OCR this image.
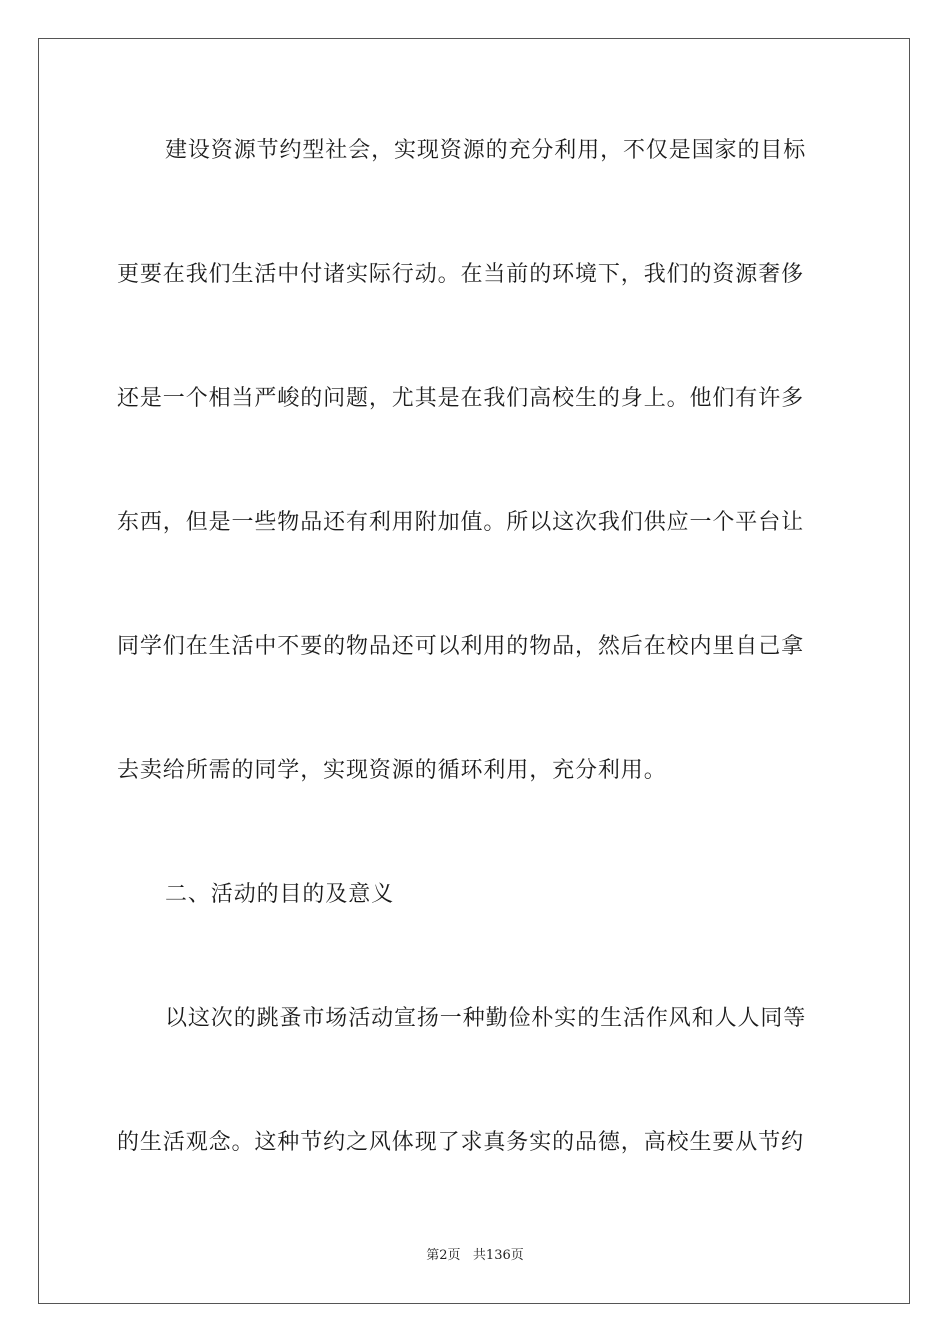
建设资源节约型社会，实现资源的充分利用，不仅是国家的目标
更要在我们生活中付诸实际行动。在当前的环境下，我们的资源奢侈
还是一个相当严峻的问题，尤其是在我们高校生的身上。他们有许多
东西，但是一些物品还有利用附加值。所以这次我们供应一个平台让
同学们在生活中不要的物品还可以利用的物品，然后在校内里自己拿
去卖给所需的同学，实现资源的循环利用，充分利用。
二、活动的目的及意义
以这次的跳蚤市场活动宣扬一种勤俭朴实的生活作风和人人同等
的生活观念。这种节约之风体现了求真务实的品德，高校生要从节约
第2页 共136页
